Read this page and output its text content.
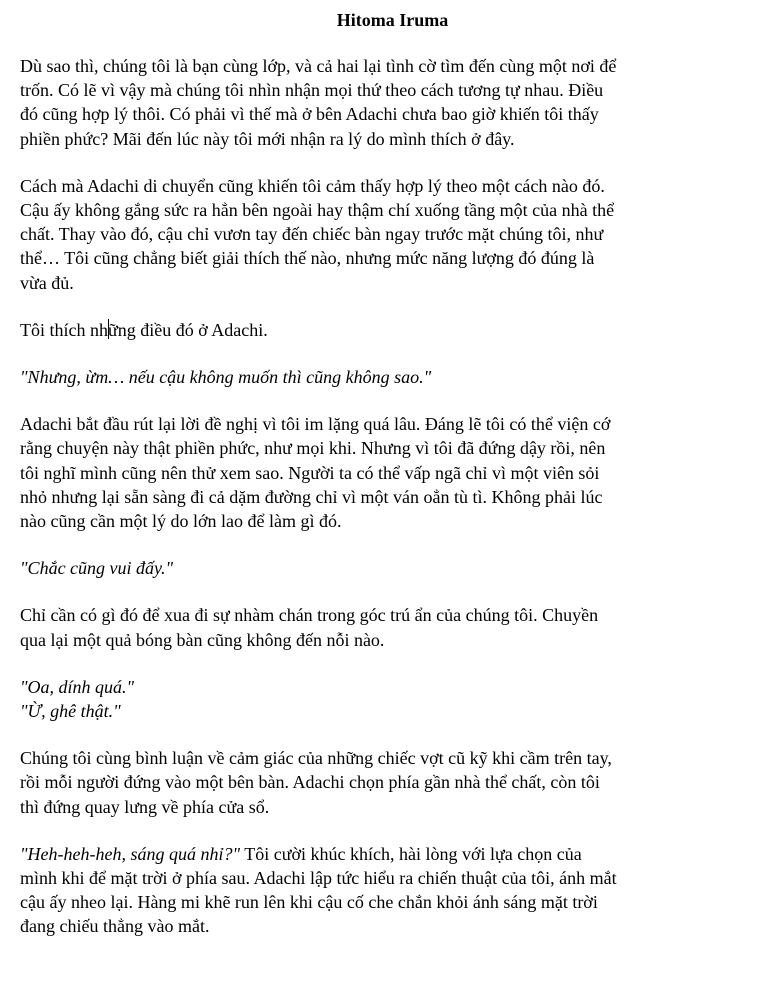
Hitoma Iruma
Dù sao thì, chúng tôi là bạn cùng lớp, và cả hai lại tình cờ tìm đến cùng một nơi để
trốn. Có lẽ vì vậy mà chúng tôi nhìn nhận mọi thứ theo cách tương tự nhau. Điều
đó cũng hợp lý thôi. Có phải vì thế mà ở bên Adachi chưa bao giờ khiến tôi thấy
phiền phức? Mãi đến lúc này tôi mới nhận ra lý do mình thích ở đây.
Cách mà Adachi di chuyển cũng khiến tôi cảm thấy hợp lý theo một cách nào đó.
Cậu ấy không gắng sức ra hẳn bên ngoài hay thậm chí xuống tầng một của nhà thể
chất. Thay vào đó, cậu chỉ vươn tay đến chiếc bàn ngay trước mặt chúng tôi, như
thể… Tôi cũng chẳng biết giải thích thế nào, nhưng mức năng lượng đó đúng là
vừa đủ.
Tôi thích những điều đó ở Adachi.
"Nhưng, ừm… nếu cậu không muốn thì cũng không sao."
Adachi bắt đầu rút lại lời đề nghị vì tôi im lặng quá lâu. Đáng lẽ tôi có thể viện cớ
rằng chuyện này thật phiền phức, như mọi khi. Nhưng vì tôi đã đứng dậy rồi, nên
tôi nghĩ mình cũng nên thử xem sao. Người ta có thể vấp ngã chỉ vì một viên sỏi
nhỏ nhưng lại sẵn sàng đi cả dặm đường chỉ vì một ván oẳn tù tì. Không phải lúc
nào cũng cần một lý do lớn lao để làm gì đó.
"Chắc cũng vui đấy."
Chỉ cần có gì đó để xua đi sự nhàm chán trong góc trú ẩn của chúng tôi. Chuyền
qua lại một quả bóng bàn cũng không đến nỗi nào.
"Oa, dính quá."
"Ừ, ghê thật."
Chúng tôi cùng bình luận về cảm giác của những chiếc vợt cũ kỹ khi cầm trên tay,
rồi mỗi người đứng vào một bên bàn. Adachi chọn phía gần nhà thể chất, còn tôi
thì đứng quay lưng về phía cửa sổ.
"Heh-heh-heh, sáng quá nhỉ?" Tôi cười khúc khích, hài lòng với lựa chọn của
mình khi để mặt trời ở phía sau. Adachi lập tức hiểu ra chiến thuật của tôi, ánh mắt
cậu ấy nheo lại. Hàng mi khẽ run lên khi cậu cố che chắn khỏi ánh sáng mặt trời
đang chiếu thẳng vào mắt.
